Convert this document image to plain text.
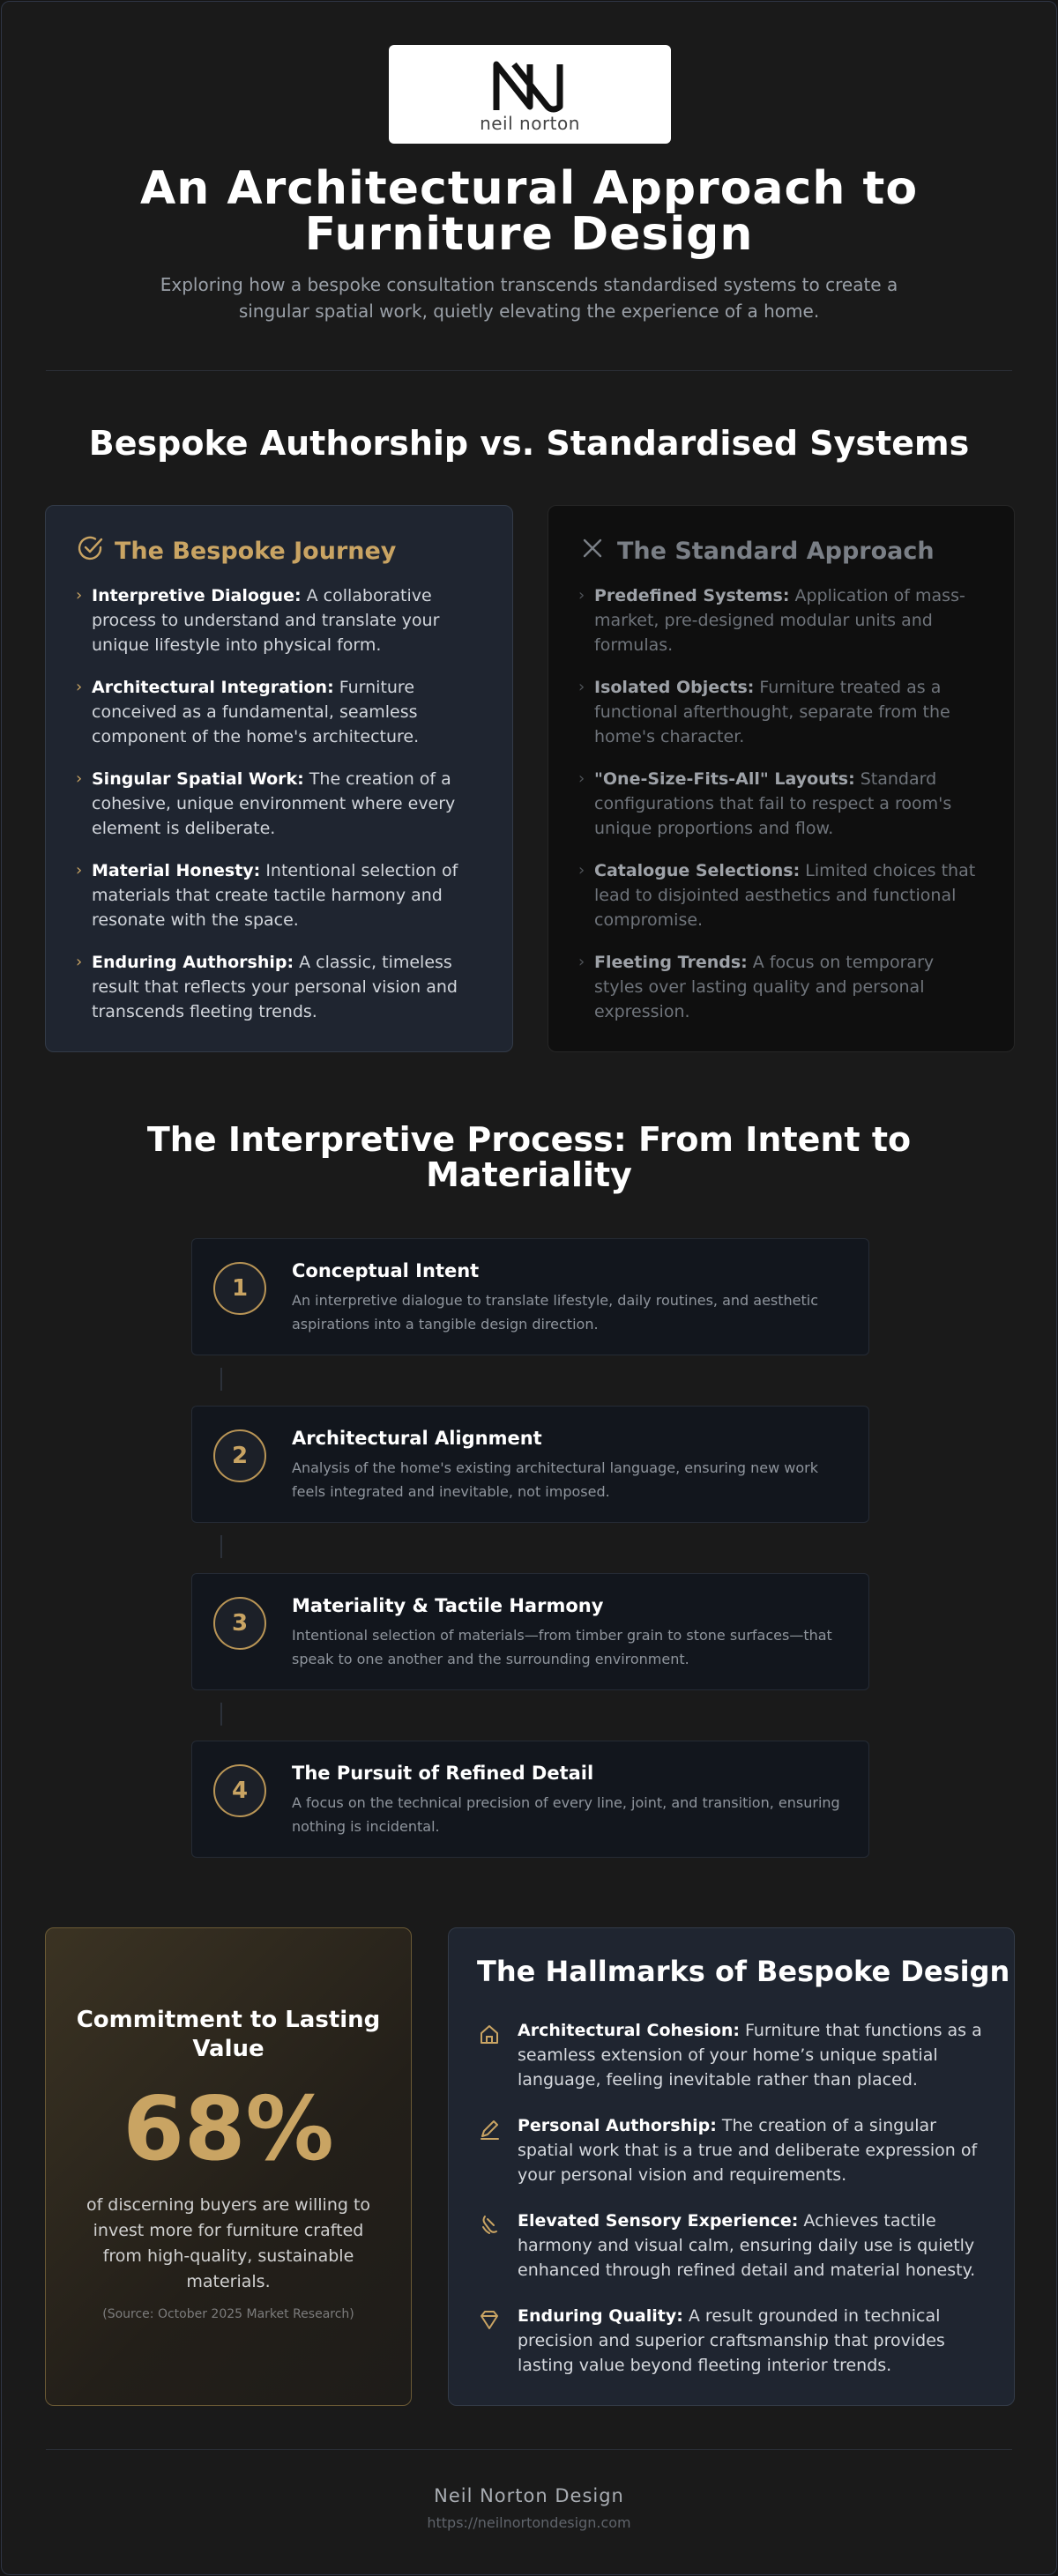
neil norton
An Architectural Approach to Furniture Design
Exploring how a bespoke consultation transcends standardised systems to create a singular spatial work, quietly elevating the experience of a home.
Bespoke Authorship vs. Standardised Systems
The Bespoke Journey
› Interpretive Dialogue: A collaborative process to understand and translate your unique lifestyle into physical form.
› Architectural Integration: Furniture conceived as a fundamental, seamless component of the home's architecture.
› Singular Spatial Work: The creation of a cohesive, unique environment where every element is deliberate.
› Material Honesty: Intentional selection of materials that create tactile harmony and resonate with the space.
› Enduring Authorship: A classic, timeless result that reflects your personal vision and transcends fleeting trends.
The Standard Approach
› Predefined Systems: Application of mass-market, pre-designed modular units and formulas.
› Isolated Objects: Furniture treated as a functional afterthought, separate from the home's character.
› "One-Size-Fits-All" Layouts: Standard configurations that fail to respect a room's unique proportions and flow.
› Catalogue Selections: Limited choices that lead to disjointed aesthetics and functional compromise.
› Fleeting Trends: A focus on temporary styles over lasting quality and personal expression.
The Interpretive Process: From Intent to Materiality
1
Conceptual Intent
An interpretive dialogue to translate lifestyle, daily routines, and aesthetic aspirations into a tangible design direction.
2
Architectural Alignment
Analysis of the home's existing architectural language, ensuring new work feels integrated and inevitable, not imposed.
3
Materiality & Tactile Harmony
Intentional selection of materials—from timber grain to stone surfaces—that speak to one another and the surrounding environment.
4
The Pursuit of Refined Detail
A focus on the technical precision of every line, joint, and transition, ensuring nothing is incidental.
Commitment to Lasting Value
68%
of discerning buyers are willing to invest more for furniture crafted from high-quality, sustainable materials.
(Source: October 2025 Market Research)
The Hallmarks of Bespoke Design
Architectural Cohesion: Furniture that functions as a seamless extension of your home’s unique spatial language, feeling inevitable rather than placed.
Personal Authorship: The creation of a singular spatial work that is a true and deliberate expression of your personal vision and requirements.
Elevated Sensory Experience: Achieves tactile harmony and visual calm, ensuring daily use is quietly enhanced through refined detail and material honesty.
Enduring Quality: A result grounded in technical precision and superior craftsmanship that provides lasting value beyond fleeting interior trends.
Neil Norton Design
https://neilnortondesign.com
